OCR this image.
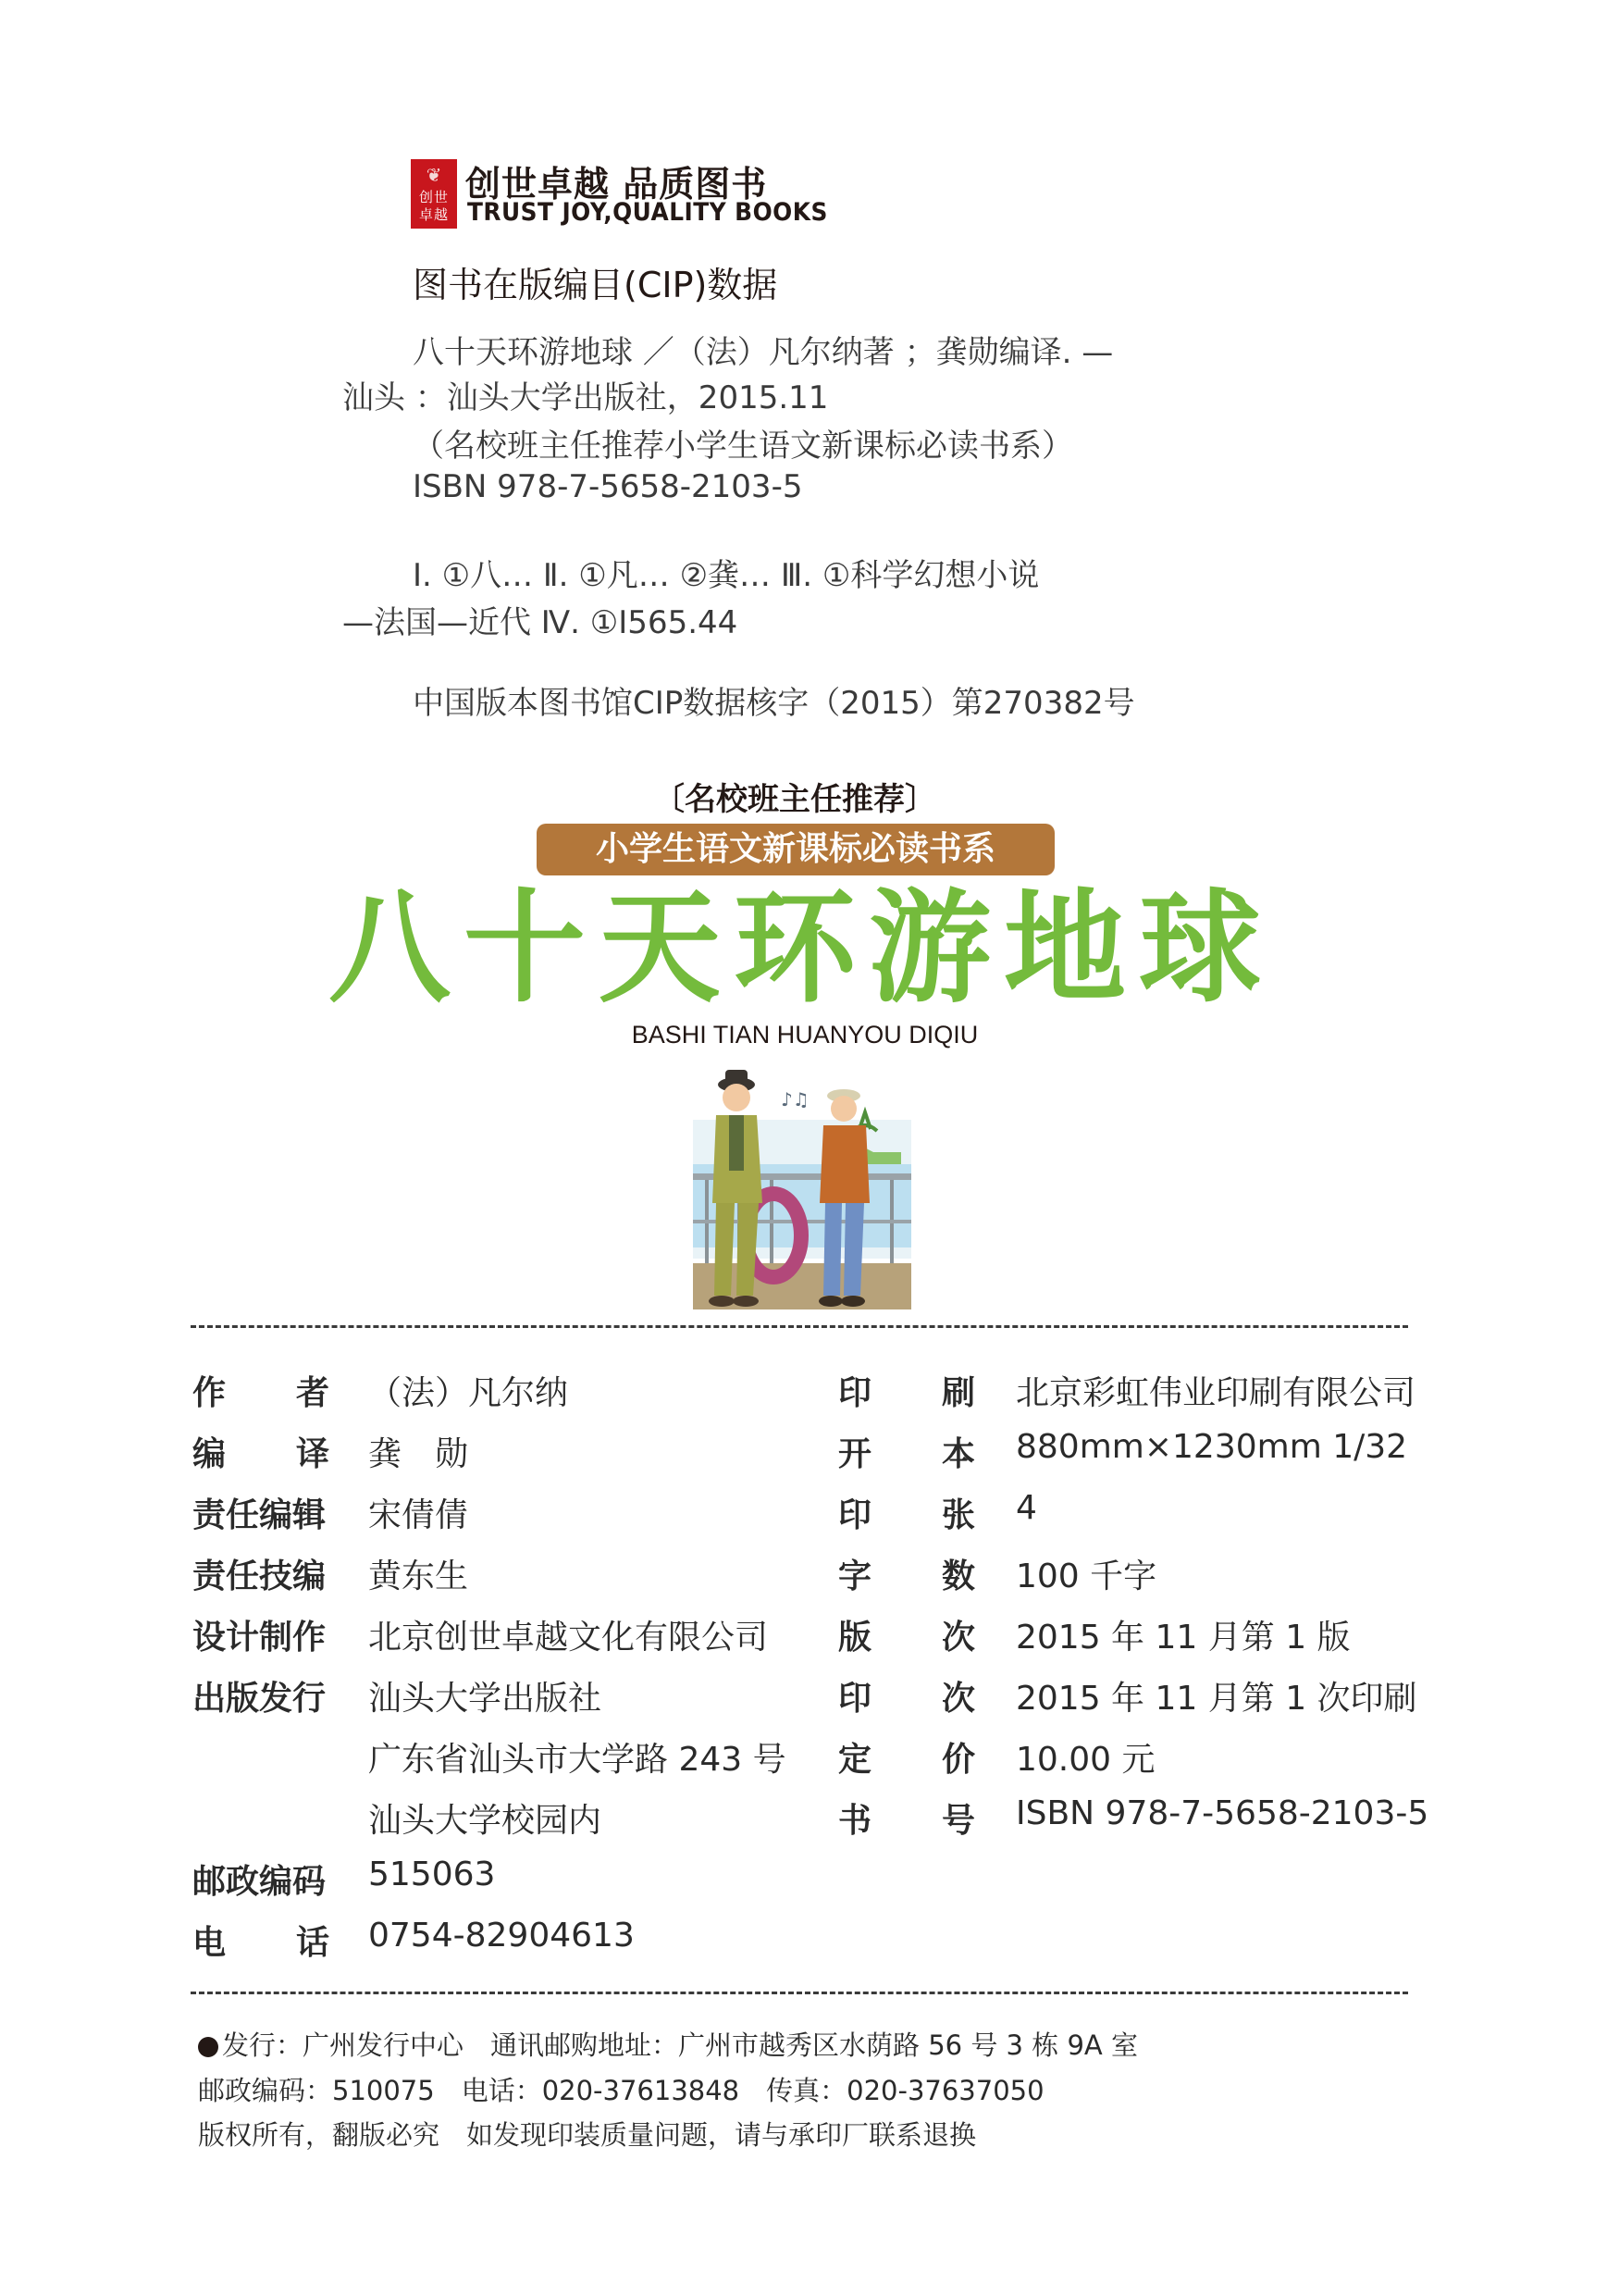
❦
创世
卓越
创世卓越 品质图书
TRUST JOY,QUALITY BOOKS
图书在版编目(CIP)数据
八十天环游地球 ／（法）凡尔纳著 ；龚勋编译. —
汕头 ：汕头大学出版社，2015.11
（名校班主任推荐小学生语文新课标必读书系）
ISBN 978-7-5658-2103-5
Ⅰ. ①八… Ⅱ. ①凡… ②龚… Ⅲ. ①科学幻想小说
—法国—近代 Ⅳ. ①I565.44
中国版本图书馆CIP数据核字（2015）第270382号
〔名校班主任推荐〕
小学生语文新课标必读书系
八十天环游地球
BASHI TIAN HUANYOU DIQIU
♪♫
作 者 （法）凡尔纳
编 译 龚　勋
责任编辑 宋倩倩
责任技编 黄东生
设计制作 北京创世卓越文化有限公司
出版发行 汕头大学出版社
广东省汕头市大学路 243 号
汕头大学校园内
邮政编码 515063
电 话 0754-82904613
印 刷 北京彩虹伟业印刷有限公司
开 本 880mm×1230mm 1/32
印 张 4
字 数 100 千字
版 次 2015 年 11 月第 1 版
印 次 2015 年 11 月第 1 次印刷
定 价 10.00 元
书 号 ISBN 978-7-5658-2103-5
发行：广州发行中心　通讯邮购地址：广州市越秀区水荫路 56 号 3 栋 9A 室
邮政编码：510075　电话：020-37613848　传真：020-37637050
版权所有，翻版必究　如发现印装质量问题，请与承印厂联系退换
